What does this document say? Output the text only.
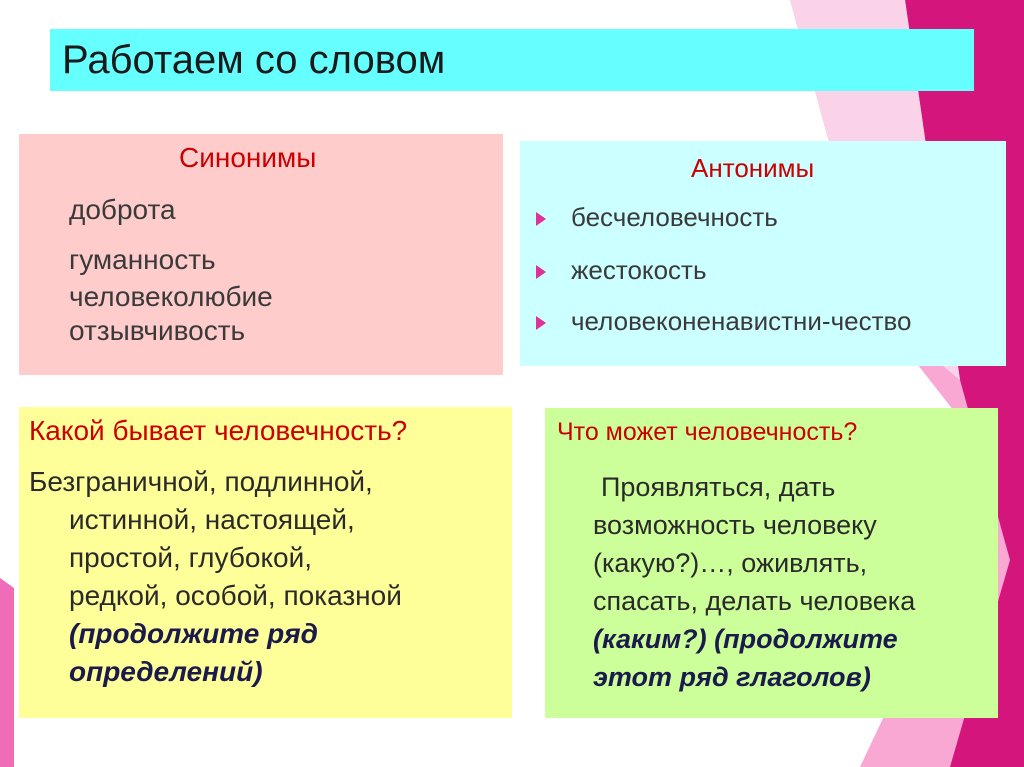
Работаем со словом
Синонимы
доброта
гуманность
человеколюбие
отзывчивость
Антонимы
бесчеловечность
жестокость
человеконенавистни-чество
Какой бывает человечность?
Безграничной, подлинной,
истинной, настоящей,
простой, глубокой,
редкой, особой, показной
(продолжите ряд
определений)
Что может человечность?
Проявляться, дать
возможность человеку
(какую?)…, оживлять,
спасать, делать человека
(каким?) (продолжите
этот ряд глаголов)
